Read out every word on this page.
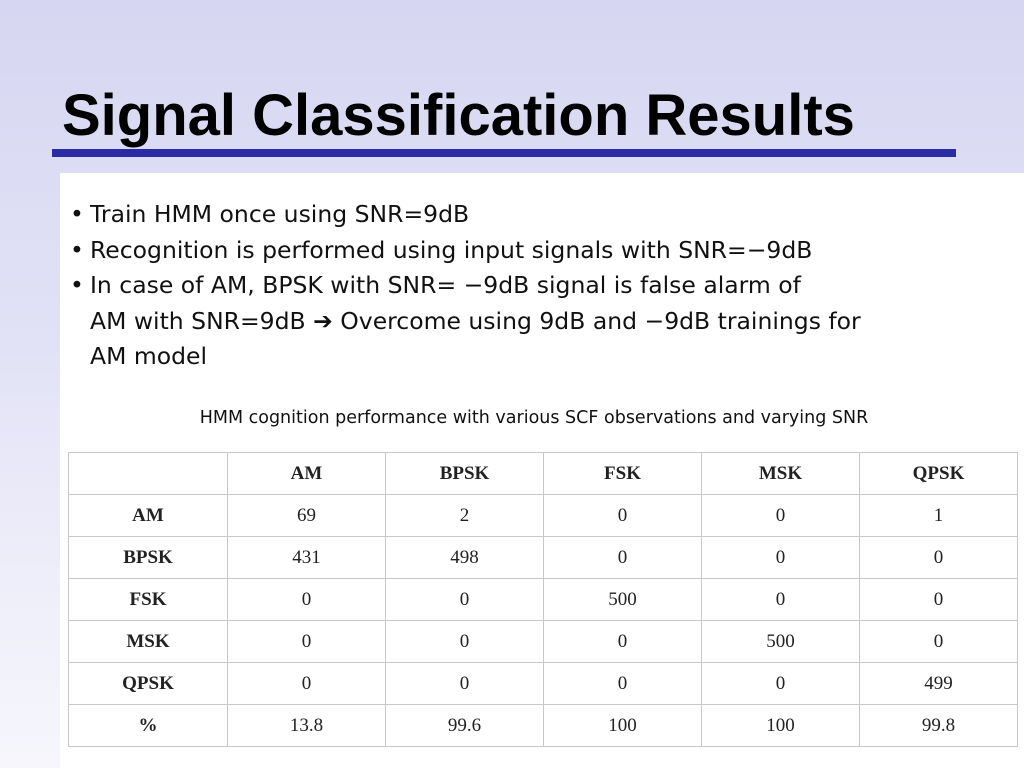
Signal Classification Results
• Train HMM once using SNR=9dB
• Recognition is performed using input signals with SNR=−9dB
• In case of AM, BPSK with SNR= −9dB signal is false alarm of
AM with SNR=9dB ➔ Overcome using 9dB and −9dB trainings for
AM model
HMM cognition performance with various SCF observations and varying SNR
	AM	BPSK	FSK	MSK	QPSK
AM	69	2	0	0	1
BPSK	431	498	0	0	0
FSK	0	0	500	0	0
MSK	0	0	0	500	0
QPSK	0	0	0	0	499
%	13.8	99.6	100	100	99.8
